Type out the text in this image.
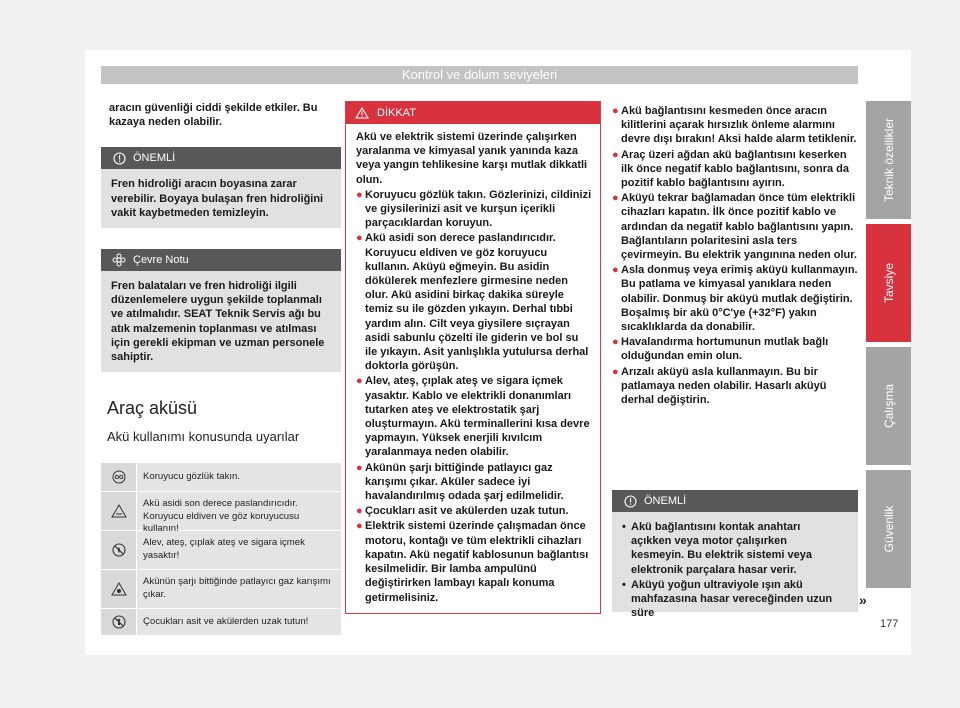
Kontrol ve dolum seviyeleri
aracın güvenliği ciddi şekilde etkiler. Bu kazaya neden olabilir.
ÖNEMLİ
Fren hidroliği aracın boyasına zarar verebilir. Boyaya bulaşan fren hidroliğini vakit kaybetmeden temizleyin.
Çevre Notu
Fren balataları ve fren hidroliği ilgili düzenlemelere uygun şekilde toplanmalı ve atılmalıdır. SEAT Teknik Servis ağı bu atık malzemenin toplanması ve atılması için gerekli ekipman ve uzman personele sahiptir.
Araç aküsü
Akü kullanımı konusunda uyarılar
Koruyucu gözlük takın.
Akü asidi son derece paslandırıcıdır. Koruyucu eldiven ve göz koruyucusu kullanın!
Alev, ateş, çıplak ateş ve sigara içmek yasaktır!
Akünün şarjı bittiğinde patlayıcı gaz karışımı çıkar.
Çocukları asit ve akülerden uzak tutun!
DİKKAT
Akü ve elektrik sistemi üzerinde çalışırken yaralanma ve kimyasal yanık yanında kaza veya yangın tehlikesine karşı mutlak dikkatli olun.
● Koruyucu gözlük takın. Gözlerinizi, cildinizi ve giysilerinizi asit ve kurşun içerikli parçacıklardan koruyun.
● Akü asidi son derece paslandırıcıdır. Koruyucu eldiven ve göz koruyucu kullanın. Aküyü eğmeyin. Bu asidin dökülerek menfezlere girmesine neden olur. Akü asidini birkaç dakika süreyle temiz su ile gözden yıkayın. Derhal tıbbi yardım alın. Cilt veya giysilere sıçrayan asidi sabunlu çözelti ile giderin ve bol su ile yıkayın. Asit yanlışlıkla yutulursa derhal doktorla görüşün.
● Alev, ateş, çıplak ateş ve sigara içmek yasaktır. Kablo ve elektrikli donanımları tutarken ateş ve elektrostatik şarj oluşturmayın. Akü terminallerini kısa devre yapmayın. Yüksek enerjili kıvılcım yaralanmaya neden olabilir.
● Akünün şarjı bittiğinde patlayıcı gaz karışımı çıkar. Aküler sadece iyi havalandırılmış odada şarj edilmelidir.
● Çocukları asit ve akülerden uzak tutun.
● Elektrik sistemi üzerinde çalışmadan önce motoru, kontağı ve tüm elektrikli cihazları kapatın. Akü negatif kablosunun bağlantısı kesilmelidir. Bir lamba ampulünü değiştirirken lambayı kapalı konuma getirmelisiniz.
● Akü bağlantısını kesmeden önce aracın kilitlerini açarak hırsızlık önleme alarmını devre dışı bırakın! Aksi halde alarm tetiklenir.
● Araç üzeri ağdan akü bağlantısını keserken ilk önce negatif kablo bağlantısını, sonra da pozitif kablo bağlantısını ayırın.
● Aküyü tekrar bağlamadan önce tüm elektrikli cihazları kapatın. İlk önce pozitif kablo ve ardından da negatif kablo bağlantısını yapın. Bağlantıların polaritesini asla ters çevirmeyin. Bu elektrik yangınına neden olur.
● Asla donmuş veya erimiş aküyü kullanmayın. Bu patlama ve kimyasal yanıklara neden olabilir. Donmuş bir aküyü mutlak değiştirin. Boşalmış bir akü 0°C'ye (+32°F) yakın sıcaklıklarda da donabilir.
● Havalandırma hortumunun mutlak bağlı olduğundan emin olun.
● Arızalı aküyü asla kullanmayın. Bu bir patlamaya neden olabilir. Hasarlı aküyü derhal değiştirin.
ÖNEMLİ
• Akü bağlantısını kontak anahtarı açıkken veya motor çalışırken kesmeyin. Bu elektrik sistemi veya elektronik parçalara hasar verir.
• Aküyü yoğun ultraviyole ışın akü mahfazasına hasar vereceğinden uzun süre
»
Teknik özellikler
Tavsiye
Çalışma
Güvenlik
177
